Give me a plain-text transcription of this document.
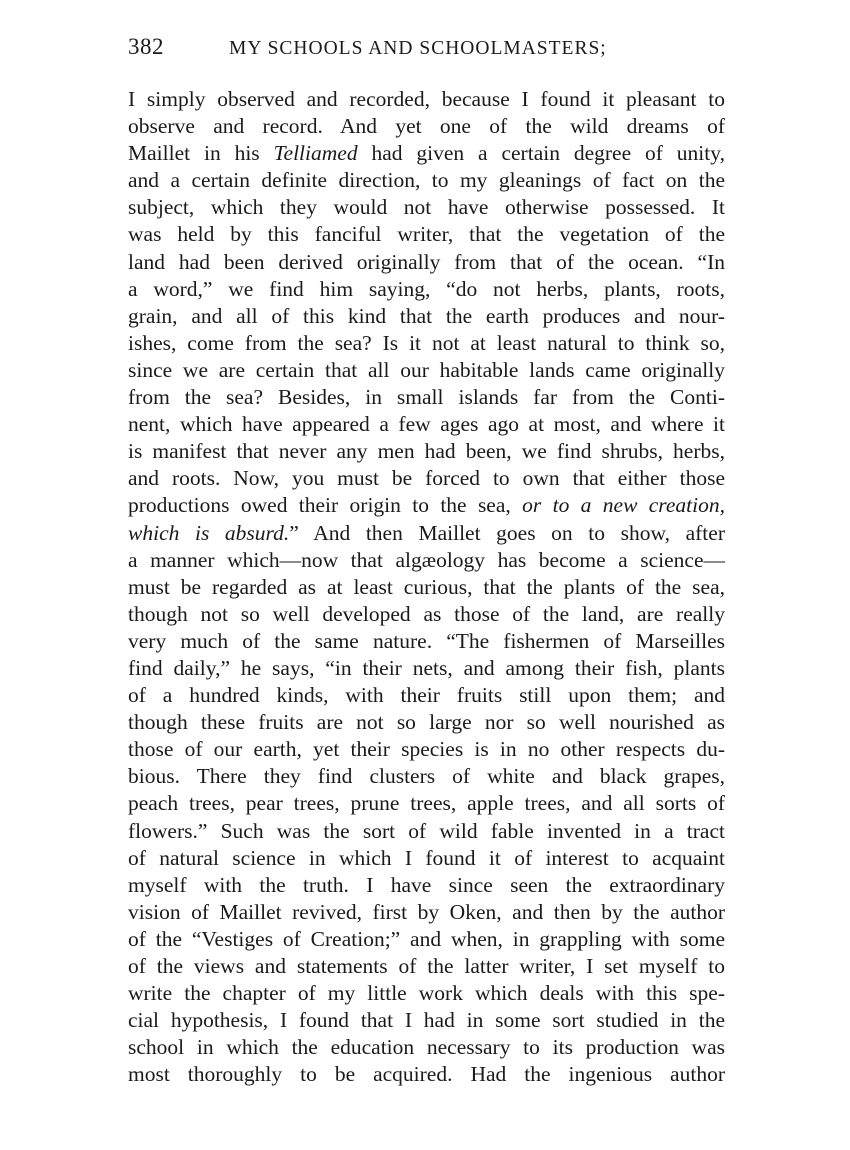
382	MY SCHOOLS AND SCHOOLMASTERS;
I simply observed and recorded, because I found it pleasant to
observe and record. And yet one of the wild dreams of
Maillet in his Telliamed had given a certain degree of unity,
and a certain definite direction, to my gleanings of fact on the
subject, which they would not have otherwise possessed. It
was held by this fanciful writer, that the vegetation of the
land had been derived originally from that of the ocean. “In
a word,” we find him saying, “do not herbs, plants, roots,
grain, and all of this kind that the earth produces and nour-
ishes, come from the sea? Is it not at least natural to think so,
since we are certain that all our habitable lands came originally
from the sea? Besides, in small islands far from the Conti-
nent, which have appeared a few ages ago at most, and where it
is manifest that never any men had been, we find shrubs, herbs,
and roots. Now, you must be forced to own that either those
productions owed their origin to the sea, or to a new creation,
which is absurd.” And then Maillet goes on to show, after
a manner which—now that algæology has become a science—
must be regarded as at least curious, that the plants of the sea,
though not so well developed as those of the land, are really
very much of the same nature. “The fishermen of Marseilles
find daily,” he says, “in their nets, and among their fish, plants
of a hundred kinds, with their fruits still upon them; and
though these fruits are not so large nor so well nourished as
those of our earth, yet their species is in no other respects du-
bious. There they find clusters of white and black grapes,
peach trees, pear trees, prune trees, apple trees, and all sorts of
flowers.” Such was the sort of wild fable invented in a tract
of natural science in which I found it of interest to acquaint
myself with the truth. I have since seen the extraordinary
vision of Maillet revived, first by Oken, and then by the author
of the “Vestiges of Creation;” and when, in grappling with some
of the views and statements of the latter writer, I set myself to
write the chapter of my little work which deals with this spe-
cial hypothesis, I found that I had in some sort studied in the
school in which the education necessary to its production was
most thoroughly to be acquired. Had the ingenious author
